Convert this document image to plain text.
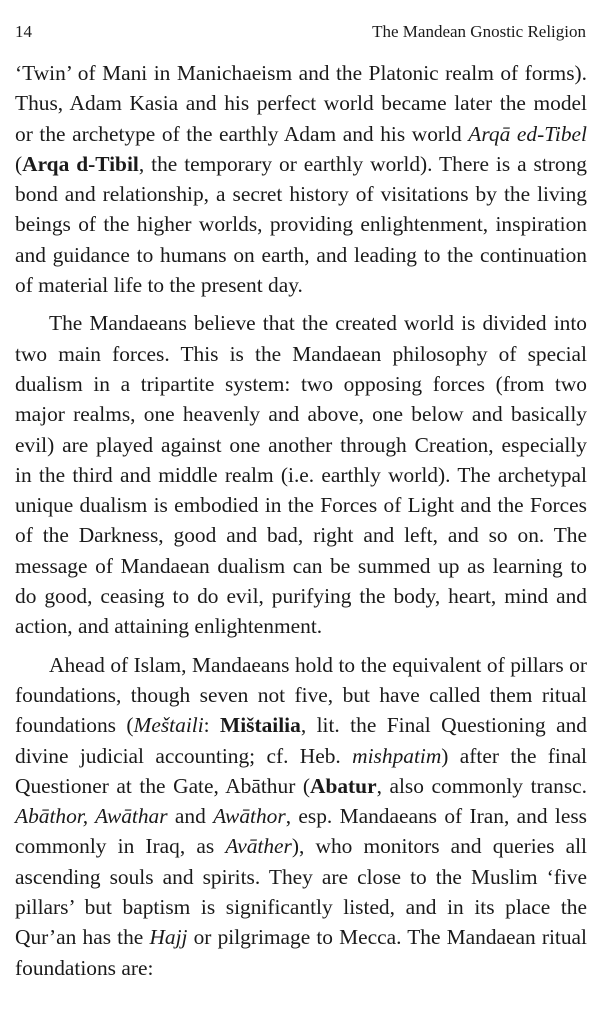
14	The Mandean Gnostic Religion

‘Twin’ of Mani in Manichaeism and the Platonic realm of forms). Thus, Adam Kasia and his perfect world became later the model or the archetype of the earthly Adam and his world Arqā ed-Tibel (Arqa d-Tibil, the temporary or earthly world). There is a strong bond and relationship, a secret history of visitations by the living beings of the higher worlds, providing enlightenment, inspiration and guidance to humans on earth, and leading to the continuation of material life to the present day.

The Mandaeans believe that the created world is divided into two main forces. This is the Mandaean philosophy of special dualism in a tripartite system: two opposing forces (from two major realms, one heavenly and above, one below and basically evil) are played against one another through Creation, especially in the third and middle realm (i.e. earthly world). The archetypal unique dualism is embodied in the Forces of Light and the Forces of the Darkness, good and bad, right and left, and so on. The message of Mandaean dualism can be summed up as learning to do good, ceasing to do evil, purifying the body, heart, mind and action, and attaining enlightenment.

Ahead of Islam, Mandaeans hold to the equivalent of pillars or foundations, though seven not five, but have called them ritual foundations (Meštaili: Mištailia, lit. the Final Questioning and divine judicial accounting; cf. Heb. mishpatim) after the final Questioner at the Gate, Abāthur (Abatur, also commonly transc. Abāthor, Awāthar and Awāthor, esp. Mandaeans of Iran, and less commonly in Iraq, as Avāther), who monitors and queries all ascending souls and spirits. They are close to the Muslim ‘five pillars’ but baptism is significantly listed, and in its place the Qur’an has the Hajj or pilgrimage to Mecca. The Mandaean ritual foundations are:
